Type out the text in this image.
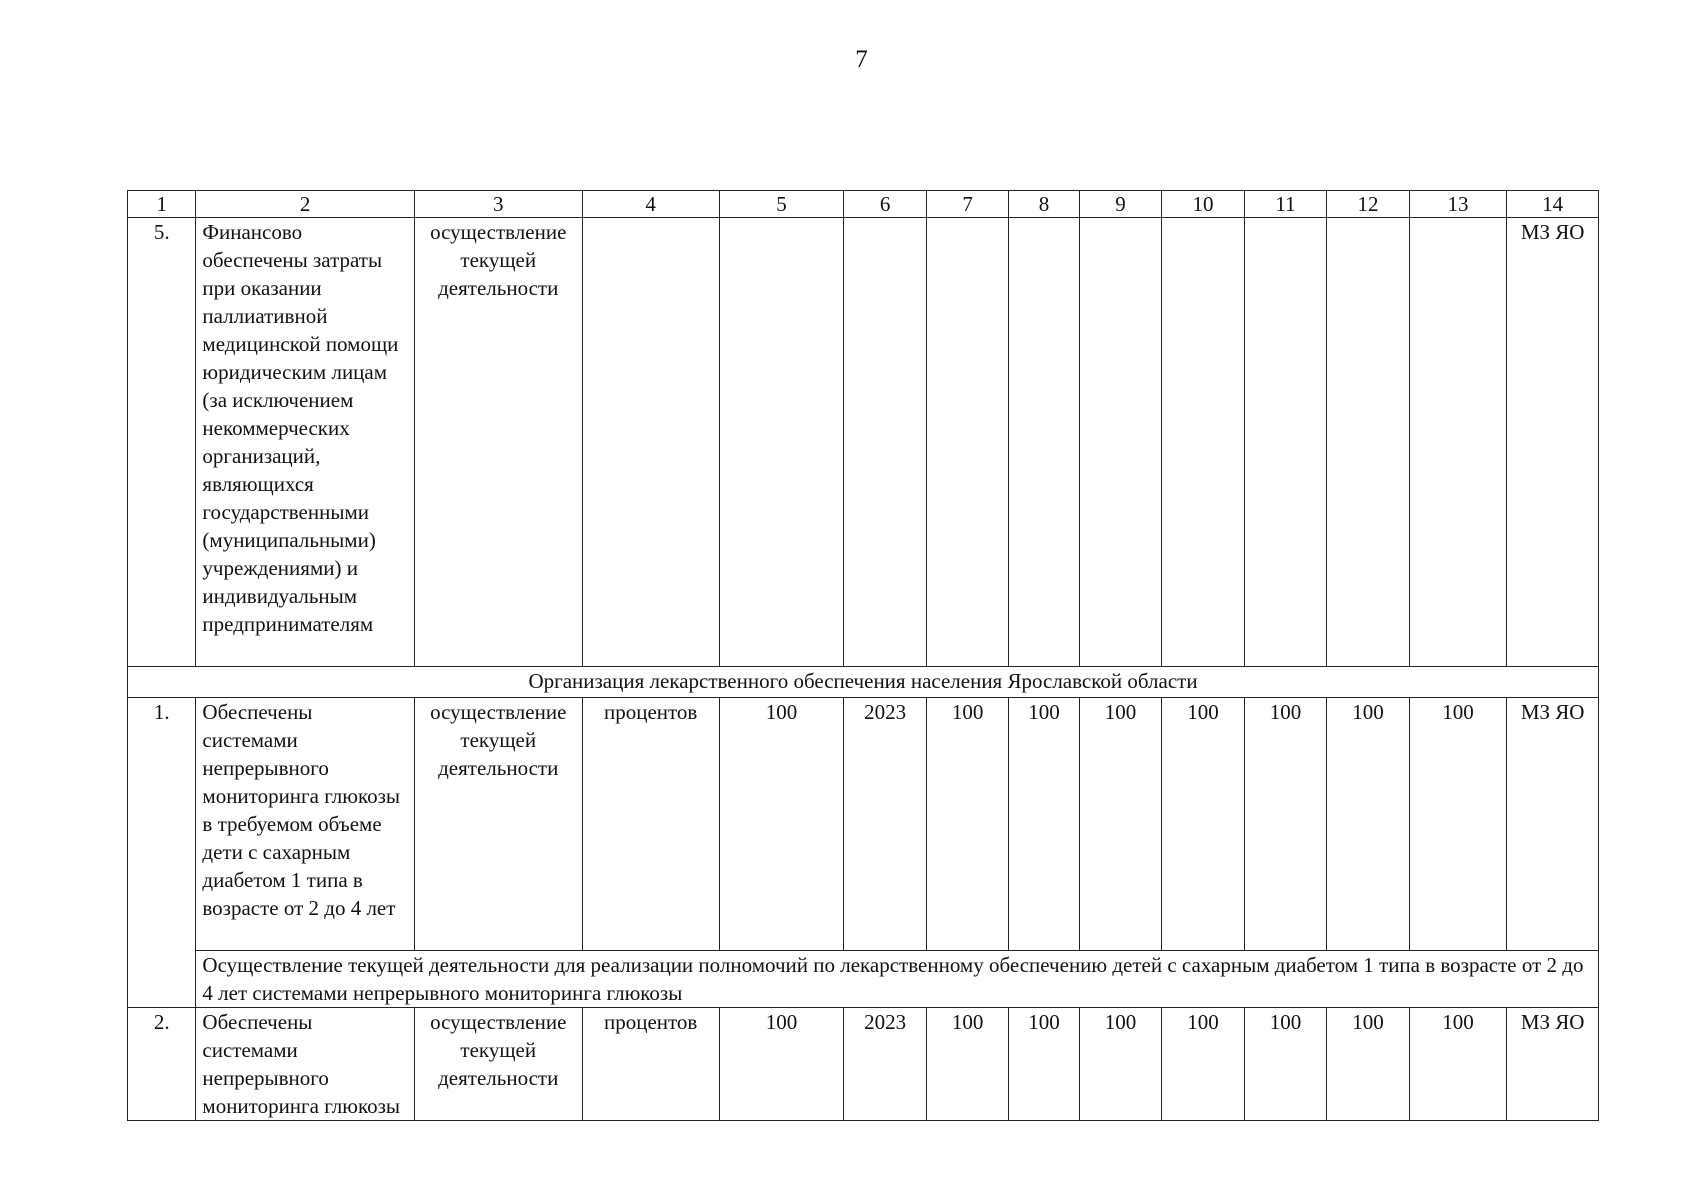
7
1	2	3	4	5	6	7	8	9	10	11	12	13	14
5.	Финансово обеспечены затраты при оказании паллиативной медицинской помощи юридическим лицам (за исключением некоммерческих организаций, являющихся государственными (муниципальными) учреждениями) и индивидуальным предпринимателям	осуществление текущей деятельности											МЗ ЯО
Организация лекарственного обеспечения населения Ярославской области													
1.	Обеспечены системами непрерывного мониторинга глюкозы в требуемом объеме дети с сахарным диабетом 1 типа в возрасте от 2 до 4 лет	осуществление текущей деятельности	процентов	100	2023	100	100	100	100	100	100	100	МЗ ЯО
	Осуществление текущей деятельности для реализации полномочий по лекарственному обеспечению детей с сахарным диабетом 1 типа в возрасте от 2 до 4 лет системами непрерывного мониторинга глюкозы												
2.	Обеспечены системами непрерывного мониторинга глюкозы	осуществление текущей деятельности	процентов	100	2023	100	100	100	100	100	100	100	МЗ ЯО
